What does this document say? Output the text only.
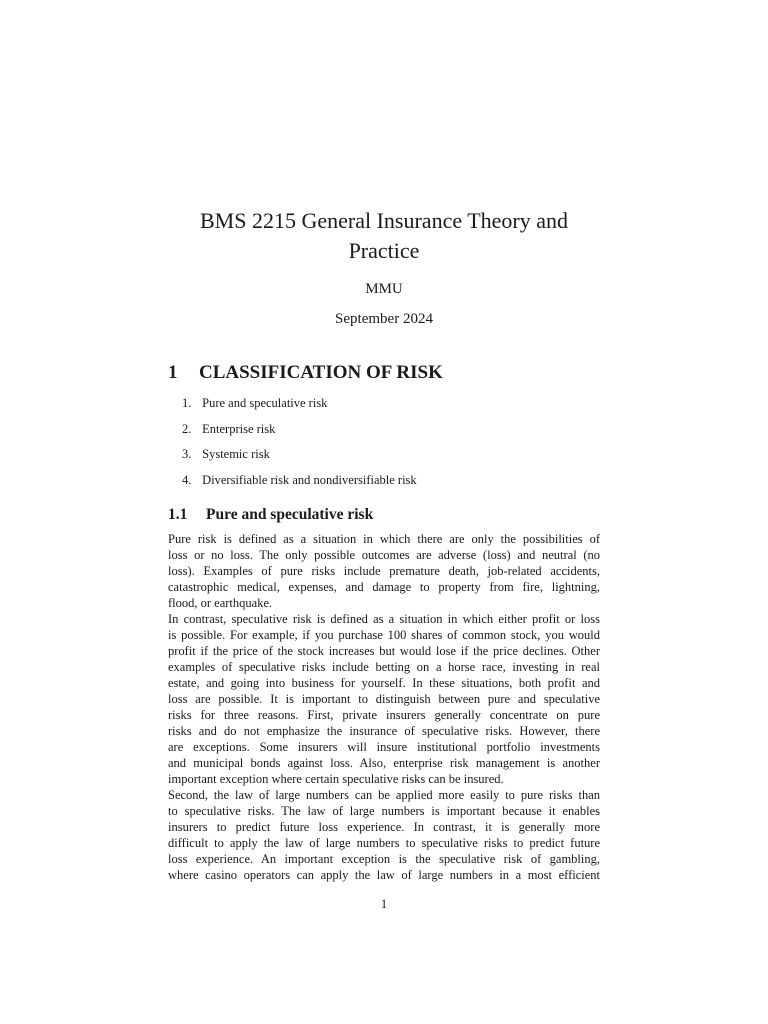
BMS 2215 General Insurance Theory and
Practice

MMU

September 2024

1 CLASSIFICATION OF RISK
1. Pure and speculative risk
2. Enterprise risk
3. Systemic risk
4. Diversifiable risk and nondiversifiable risk
1.1 Pure and speculative risk
Pure risk is defined as a situation in which there are only the possibilities of
loss or no loss. The only possible outcomes are adverse (loss) and neutral (no
loss). Examples of pure risks include premature death, job-related accidents,
catastrophic medical, expenses, and damage to property from fire, lightning,
flood, or earthquake.
In contrast, speculative risk is defined as a situation in which either profit or loss
is possible. For example, if you purchase 100 shares of common stock, you would
profit if the price of the stock increases but would lose if the price declines. Other
examples of speculative risks include betting on a horse race, investing in real
estate, and going into business for yourself. In these situations, both profit and
loss are possible. It is important to distinguish between pure and speculative
risks for three reasons. First, private insurers generally concentrate on pure
risks and do not emphasize the insurance of speculative risks. However, there
are exceptions. Some insurers will insure institutional portfolio investments
and municipal bonds against loss. Also, enterprise risk management is another
important exception where certain speculative risks can be insured.
Second, the law of large numbers can be applied more easily to pure risks than
to speculative risks. The law of large numbers is important because it enables
insurers to predict future loss experience. In contrast, it is generally more
difficult to apply the law of large numbers to speculative risks to predict future
loss experience. An important exception is the speculative risk of gambling,
where casino operators can apply the law of large numbers in a most efficient

1
